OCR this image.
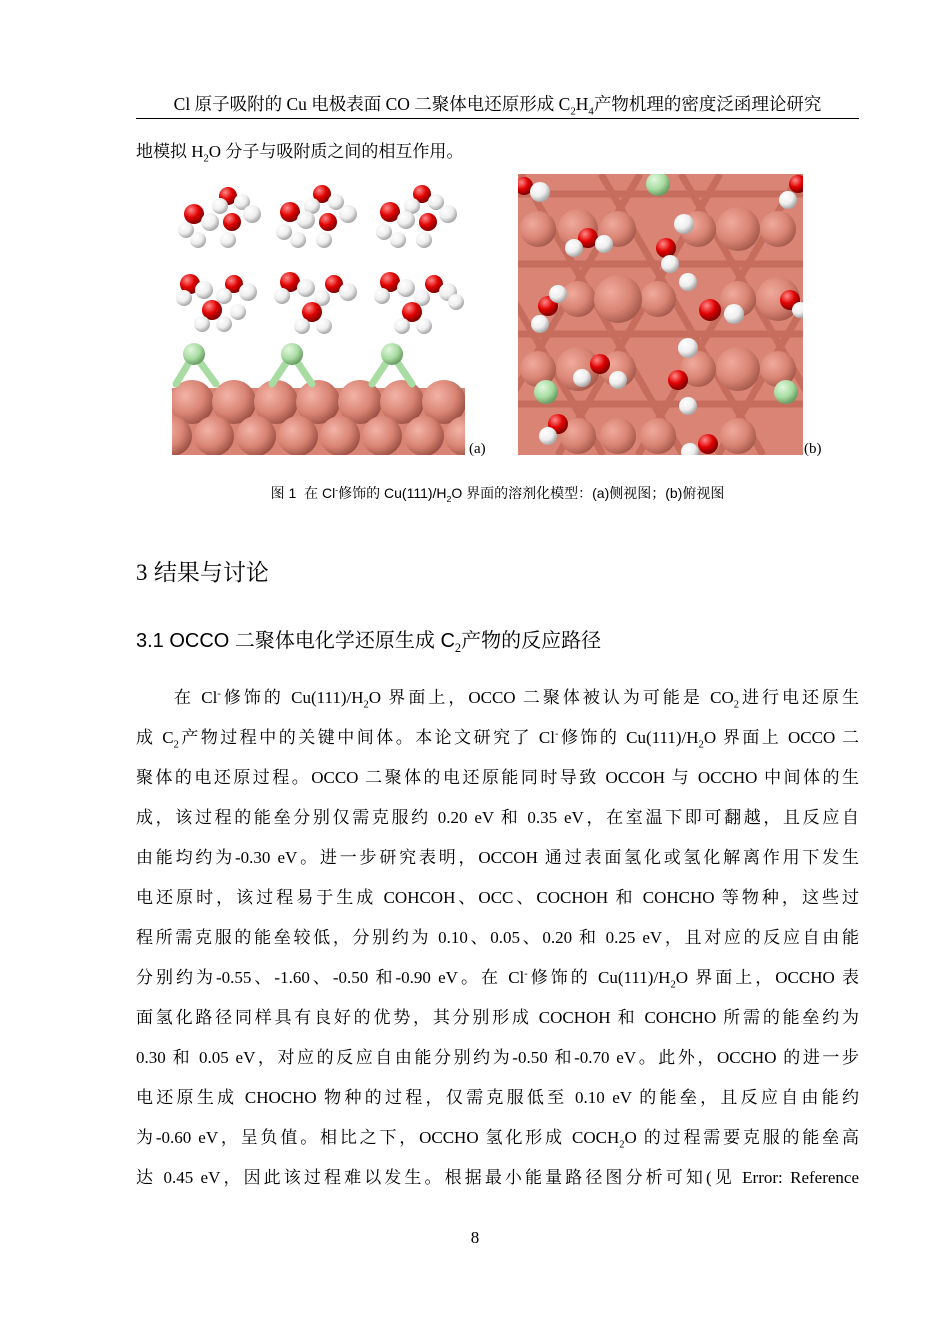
Cl 原子吸附的 Cu 电极表面 CO 二聚体电还原形成 $C_2H_4$产物机理的密度泛函理论研究
地模拟 $H_2O$ 分子与吸附质之间的相互作用。
(a)	(b)
图 1 在 Cl-修饰的 $Cu(111)/H_2O$ 界面的溶剂化模型：(a)侧视图；(b)俯视图
3 结果与讨论
3.1 OCCO 二聚体电化学还原生成 $C_2$产物的反应路径
在 Cl-修饰的 $Cu(111)/H_2O$ 界面上，OCCO 二聚体被认为可能是 $CO_2$进行电还原生
成 $C_2$产物过程中的关键中间体。本论文研究了 Cl-修饰的 $Cu(111)/H_2O$ 界面上 OCCO 二
聚体的电还原过程。OCCO 二聚体的电还原能同时导致 OCCOH 与 OCCHO 中间体的生
成，该过程的能垒分别仅需克服约 0.20 eV 和 0.35 eV，在室温下即可翻越，且反应自
由能均约为-0.30 eV。进一步研究表明，OCCOH 通过表面氢化或氢化解离作用下发生
电还原时，该过程易于生成 COHCOH、OCC、COCHOH 和 COHCHO 等物种，这些过
程所需克服的能垒较低，分别约为 0.10、0.05、0.20 和 0.25 eV，且对应的反应自由能
分别约为-0.55、-1.60、-0.50 和-0.90 eV。在 Cl-修饰的 $Cu(111)/H_2O$ 界面上，OCCHO 表
面氢化路径同样具有良好的优势，其分别形成 COCHOH 和 COHCHO 所需的能垒约为
0.30 和 0.05 eV，对应的反应自由能分别约为-0.50 和-0.70 eV。此外，OCCHO 的进一步
电还原生成 CHOCHO 物种的过程，仅需克服低至 0.10 eV 的能垒，且反应自由能约
为-0.60 eV，呈负值。相比之下，OCCHO 氢化形成 $COCH_2O$ 的过程需要克服的能垒高
达 0.45 eV，因此该过程难以发生。根据最小能量路径图分析可知(见 Error: Reference
8
